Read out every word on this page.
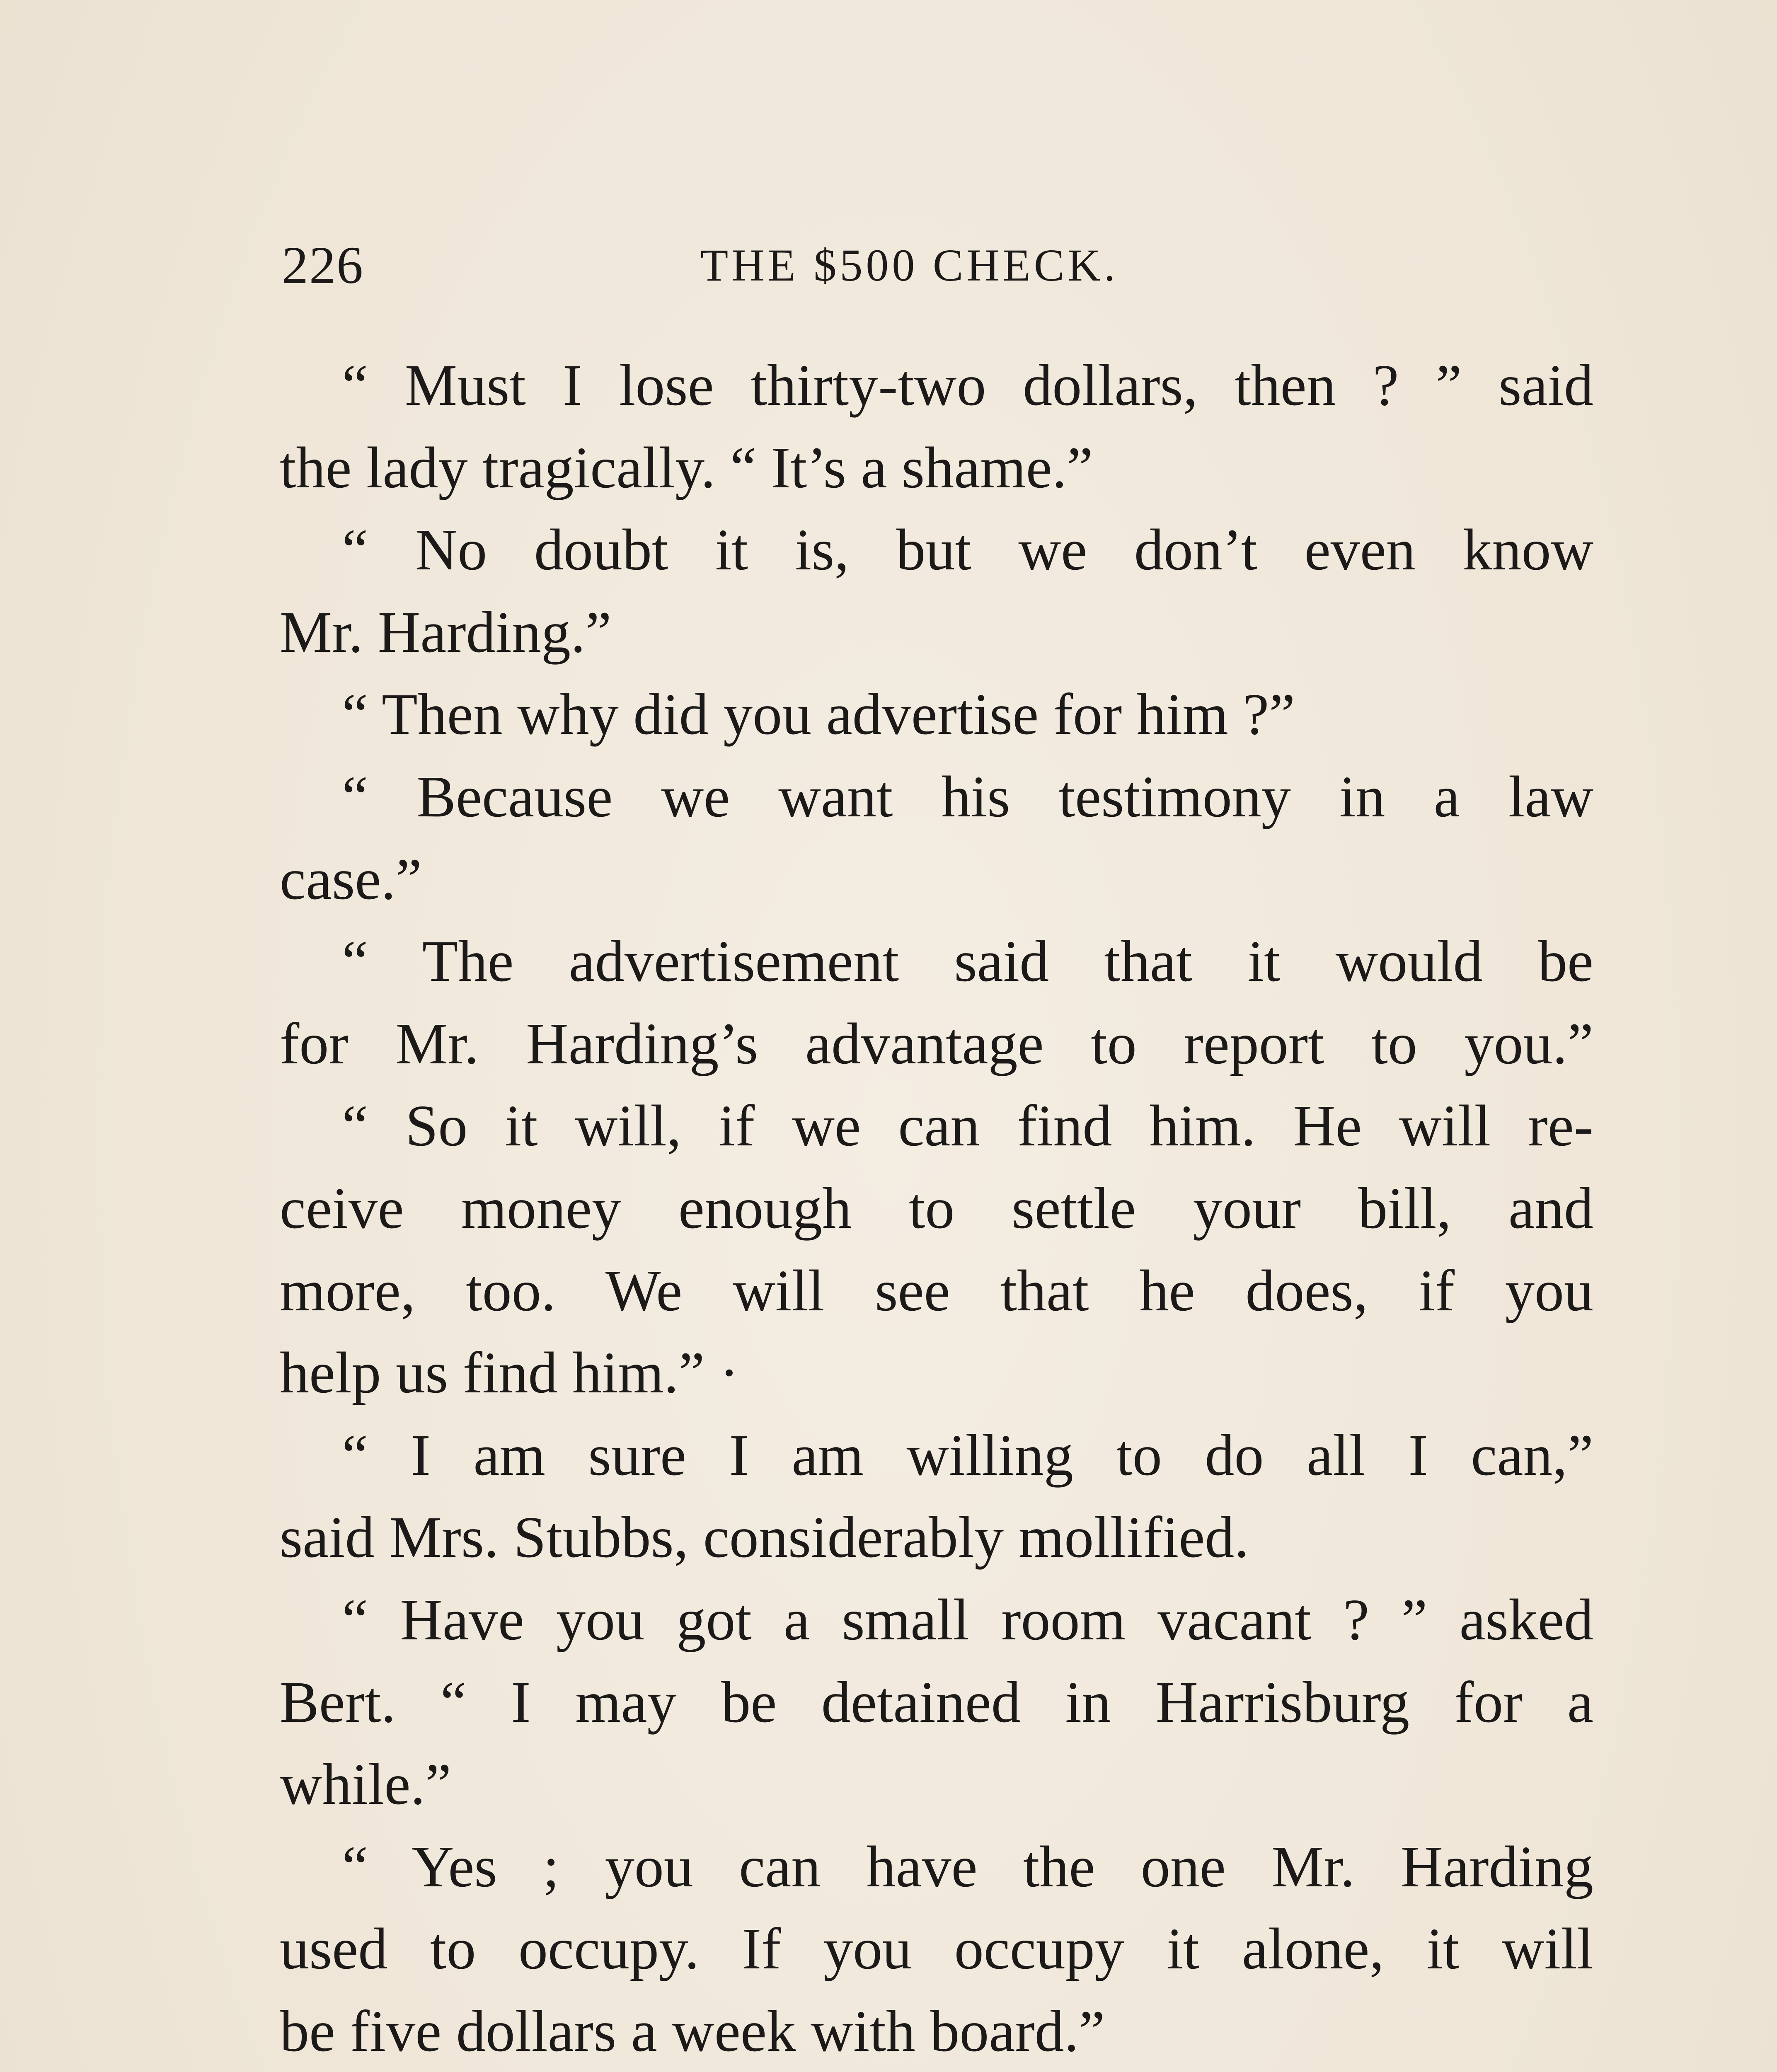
226	THE $500 CHECK.
“ Must I lose thirty-two dollars, then ? ” said
the lady tragically. “ It’s a shame.”
“ No doubt it is, but we don’t even know
Mr. Harding.”
“ Then why did you advertise for him ?”
“ Because we want his testimony in a law
case.”
“ The advertisement said that it would be
for Mr. Harding’s advantage to report to you.”
“ So it will, if we can find him. He will re-
ceive money enough to settle your bill, and
more, too. We will see that he does, if you
help us find him.” ·
“ I am sure I am willing to do all I can,”
said Mrs. Stubbs, considerably mollified.
“ Have you got a small room vacant ? ” asked
Bert. “ I may be detained in Harrisburg for a
while.”
“ Yes ; you can have the one Mr. Harding
used to occupy. If you occupy it alone, it will
be five dollars a week with board.”
